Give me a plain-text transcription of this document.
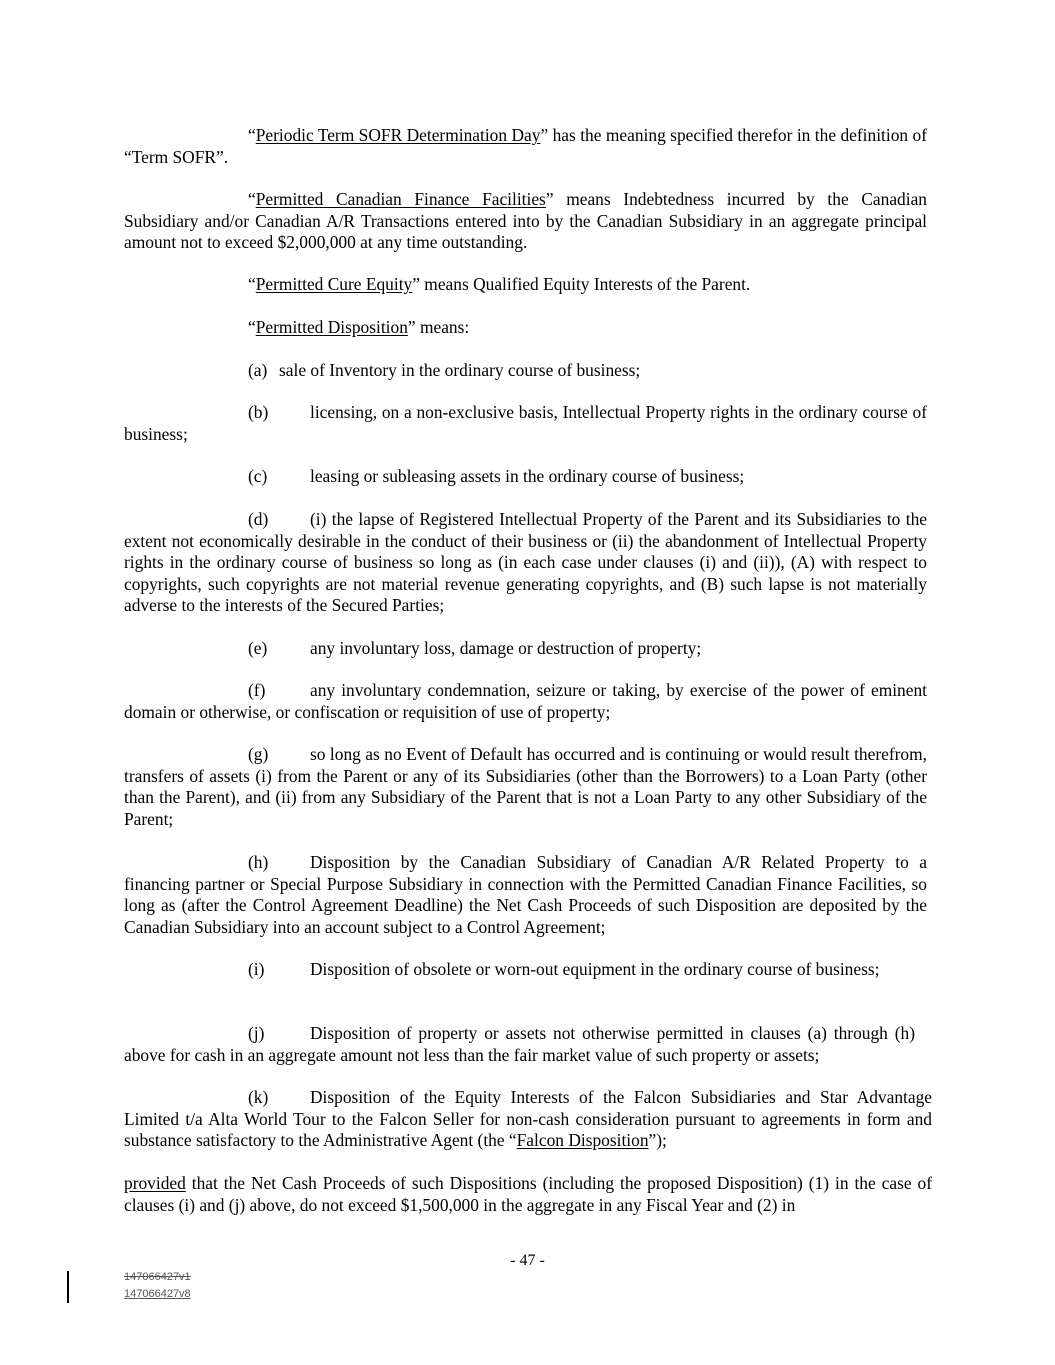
“Periodic Term SOFR Determination Day” has the meaning specified therefor in the definition of “Term SOFR”.

“Permitted Canadian Finance Facilities” means Indebtedness incurred by the Canadian Subsidiary and/or Canadian A/R Transactions entered into by the Canadian Subsidiary in an aggregate principal amount not to exceed $2,000,000 at any time outstanding.

“Permitted Cure Equity” means Qualified Equity Interests of the Parent.

“Permitted Disposition” means:

(a) sale of Inventory in the ordinary course of business;

(b) licensing, on a non-exclusive basis, Intellectual Property rights in the ordinary course of business;

(c) leasing or subleasing assets in the ordinary course of business;

(d) (i) the lapse of Registered Intellectual Property of the Parent and its Subsidiaries to the extent not economically desirable in the conduct of their business or (ii) the abandonment of Intellectual Property rights in the ordinary course of business so long as (in each case under clauses (i) and (ii)), (A) with respect to copyrights, such copyrights are not material revenue generating copyrights, and (B) such lapse is not materially adverse to the interests of the Secured Parties;

(e) any involuntary loss, damage or destruction of property;

(f)	any involuntary condemnation, seizure or taking, by exercise of the power of eminent domain or otherwise, or confiscation or requisition of use of property;

(g) so long as no Event of Default has occurred and is continuing or would result therefrom, transfers of assets (i) from the Parent or any of its Subsidiaries (other than the Borrowers) to a Loan Party (other than the Parent), and (ii) from any Subsidiary of the Parent that is not a Loan Party to any other Subsidiary of the Parent;

(h) Disposition by the Canadian Subsidiary of Canadian A/R Related Property to a financing partner or Special Purpose Subsidiary in connection with the Permitted Canadian Finance Facilities, so long as (after the Control Agreement Deadline) the Net Cash Proceeds of such Disposition are deposited by the Canadian Subsidiary into an account subject to a Control Agreement;

(i)	Disposition of obsolete or worn-out equipment in the ordinary course of business;

(j)	Disposition of property or assets not otherwise permitted in clauses (a) through (h) above for cash in an aggregate amount not less than the fair market value of such property or assets;

(k) Disposition of the Equity Interests of the Falcon Subsidiaries and Star Advantage Limited t/a Alta World Tour to the Falcon Seller for non-cash consideration pursuant to agreements in form and substance satisfactory to the Administrative Agent (the “Falcon Disposition”);

provided that the Net Cash Proceeds of such Dispositions (including the proposed Disposition) (1) in the case of clauses (i) and (j) above, do not exceed $1,500,000 in the aggregate in any Fiscal Year and (2) in

- 47 -
147066427v1
147066427v8
